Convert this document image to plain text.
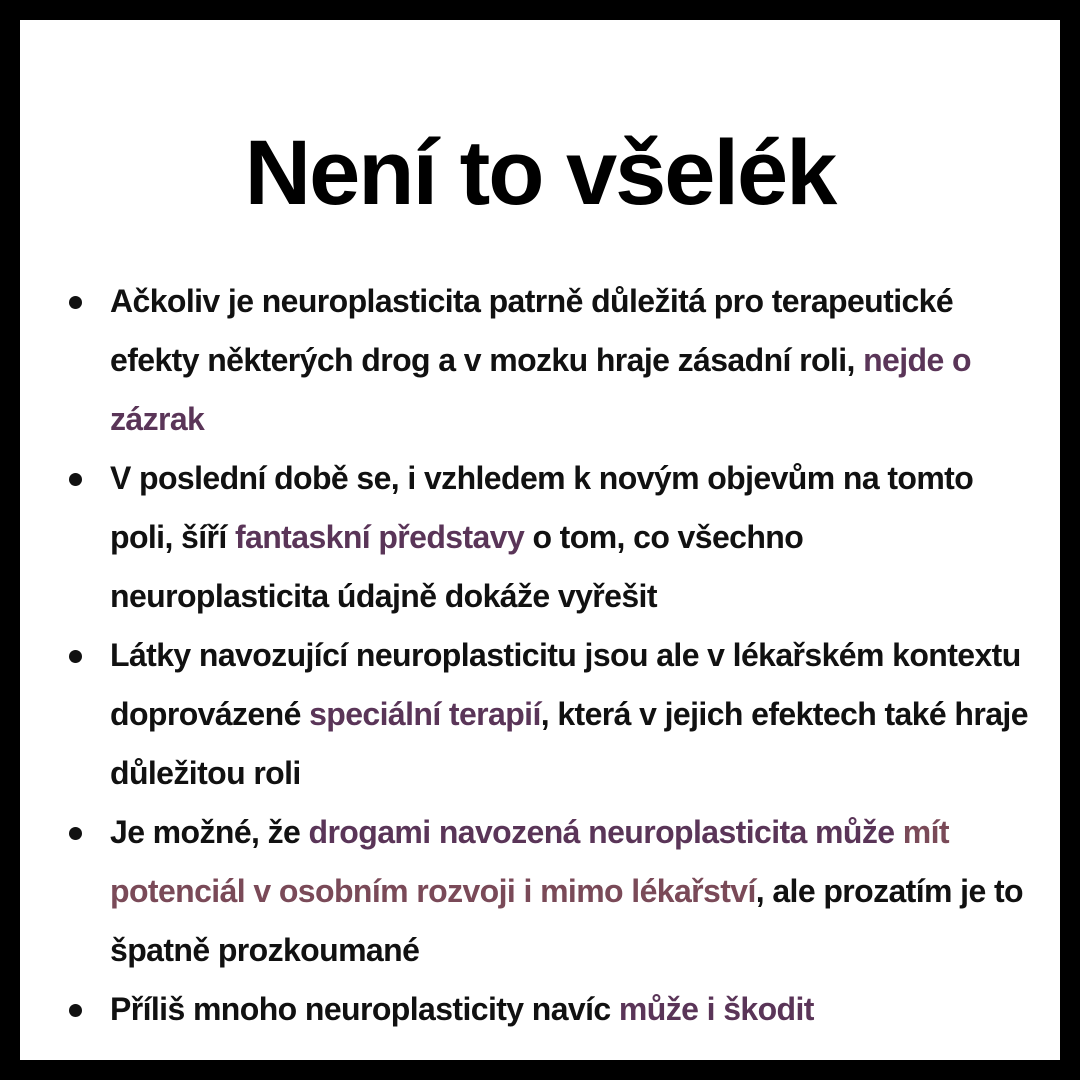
Není to všelék
Ačkoliv je neuroplasticita patrně důležitá pro terapeutické efekty některých drog a v mozku hraje zásadní roli, nejde o zázrak
V poslední době se, i vzhledem k novým objevům na tomto poli, šíří fantaskní představy o tom, co všechno neuroplasticita údajně dokáže vyřešit
Látky navozující neuroplasticitu jsou ale v lékařském kontextu doprovázené speciální terapií, která v jejich efektech také hraje důležitou roli
Je možné, že drogami navozená neuroplasticita může mít potenciál v osobním rozvoji i mimo lékařství, ale prozatím je to špatně prozkoumané
Příliš mnoho neuroplasticity navíc může i škodit
